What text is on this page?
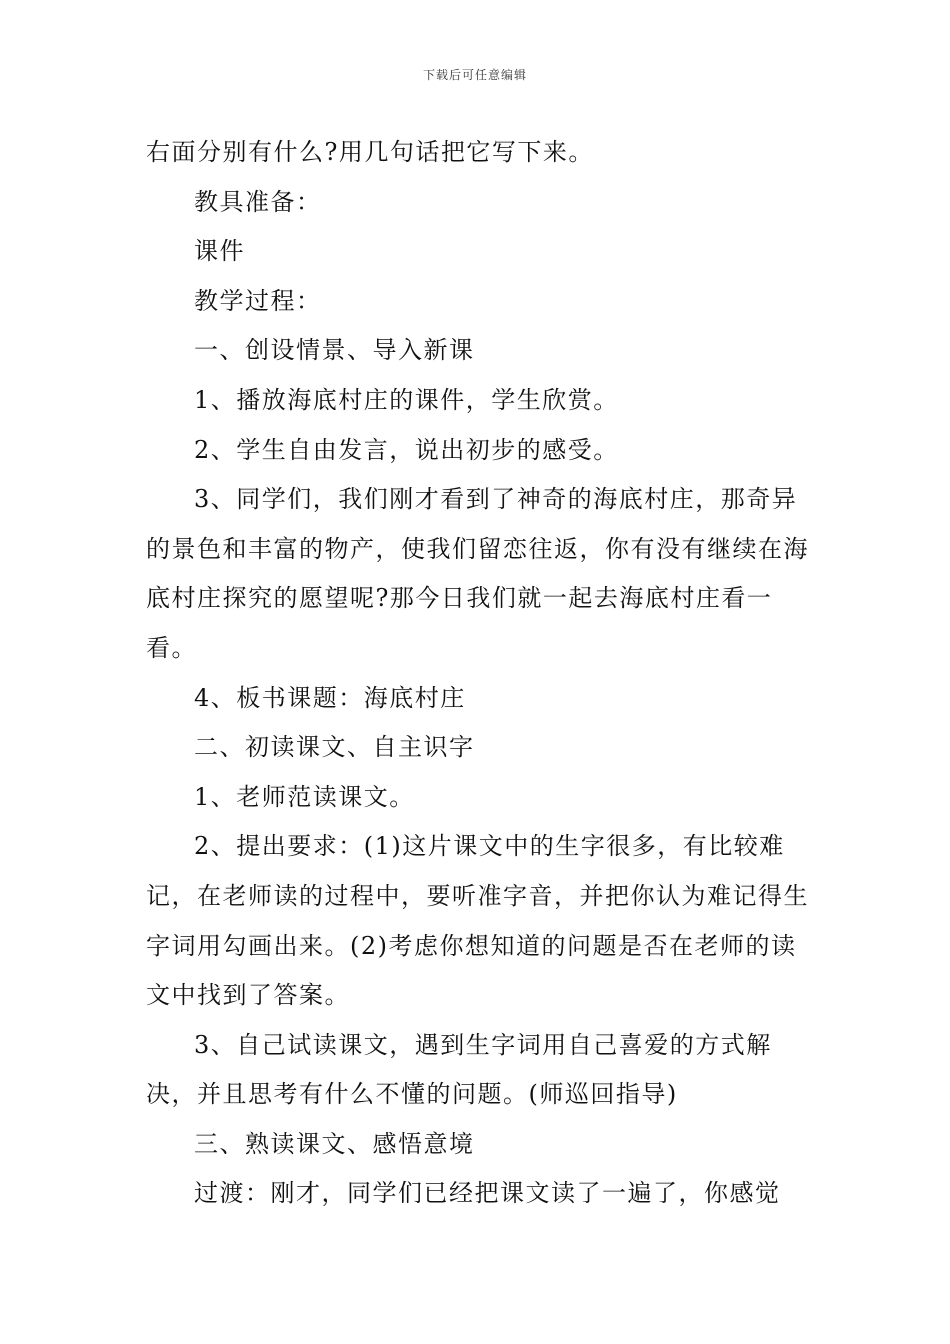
下载后可任意编辑

右面分别有什么?用几句话把它写下来。

教具准备：

课件

教学过程：

一、创设情景、导入新课

1、播放海底村庄的课件，学生欣赏。

2、学生自由发言，说出初步的感受。

3、同学们，我们刚才看到了神奇的海底村庄，那奇异的景色和丰富的物产，使我们留恋往返，你有没有继续在海底村庄探究的愿望呢?那今日我们就一起去海底村庄看一看。

4、板书课题：海底村庄

二、初读课文、自主识字

1、老师范读课文。

2、提出要求：(1)这片课文中的生字很多，有比较难记，在老师读的过程中，要听准字音，并把你认为难记得生字词用勾画出来。(2)考虑你想知道的问题是否在老师的读文中找到了答案。

3、自己试读课文，遇到生字词用自己喜爱的方式解决，并且思考有什么不懂的问题。(师巡回指导)

三、熟读课文、感悟意境

过渡：刚才，同学们已经把课文读了一遍了，你感觉
